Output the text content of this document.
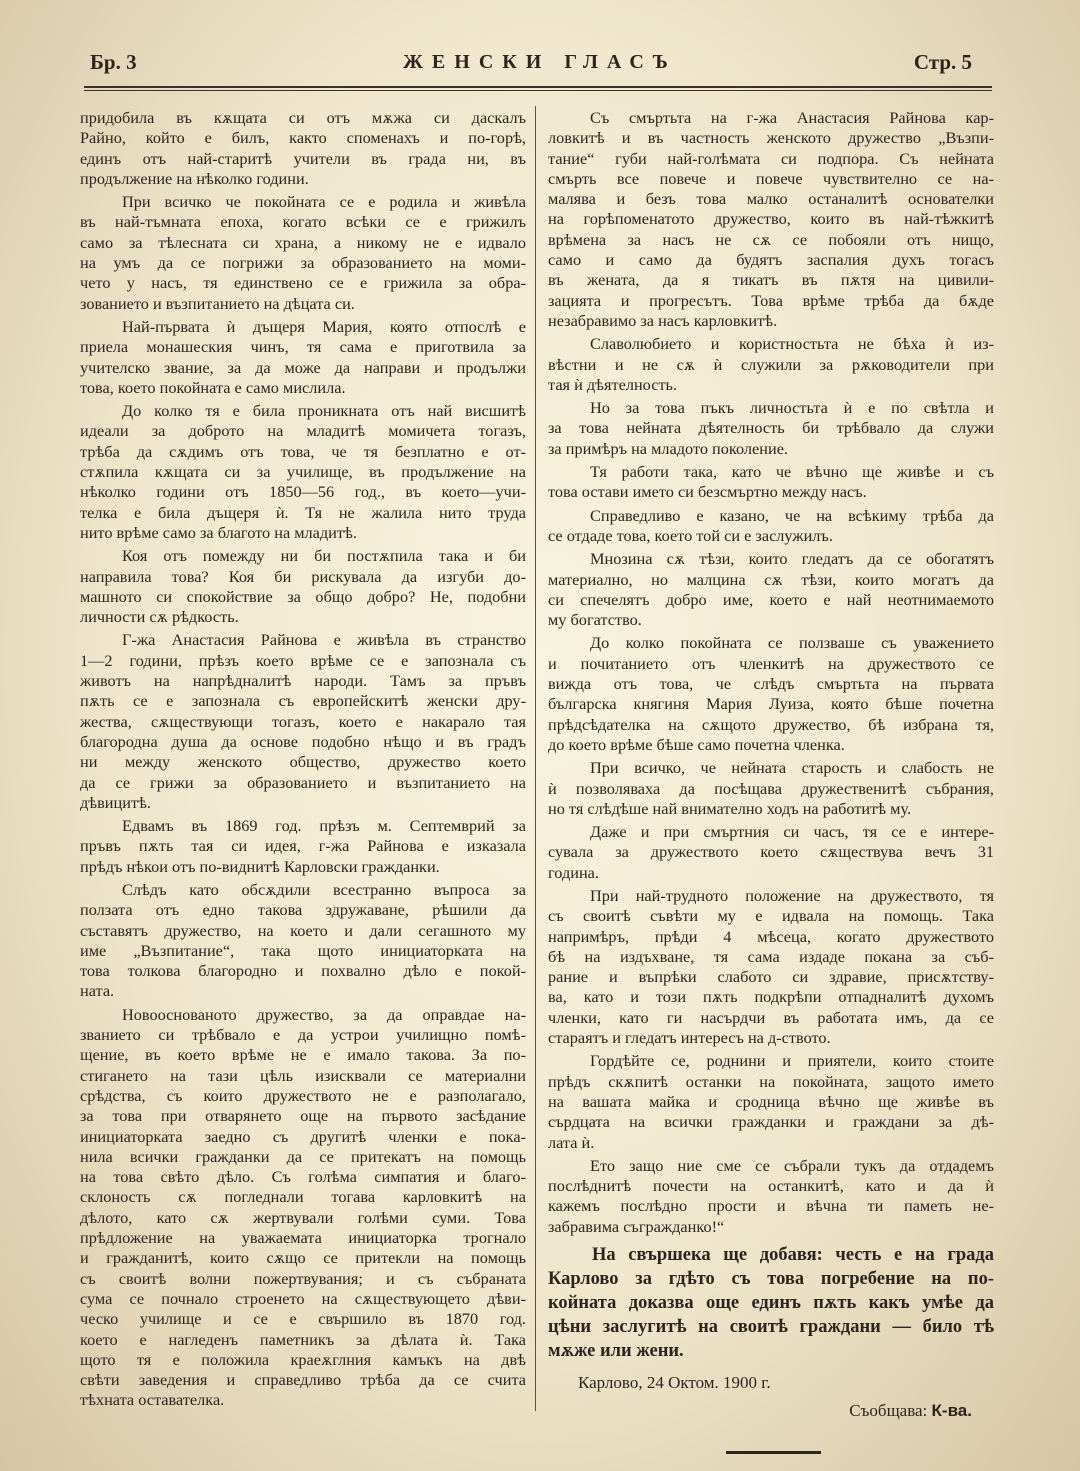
Бр. 3	ЖЕНСКИ ГЛАСЪ	Стр. 5
придобила въ кѫщата си отъ мѫжа си даскалъ
Райно, който е билъ, както споменахъ и по-горѣ,
единъ отъ най-старитѣ учители въ града ни, въ
продължение на нѣколко години.
При всичко че покойната се е родила и живѣла
въ най-тъмната епоха, когато всѣки се е грижилъ
само за тѣлесната си храна, а никому не е идвало
на умъ да се погрижи за образованието на моми-
чето у насъ, тя единствено се е грижила за обра-
зованието и възпитанието на дѣцата си.
Най-първата ѝ дъщеря Мария, която отпослѣ е
приела монашеския чинъ, тя сама е приготвила за
учителско звание, за да може да направи и продължи
това, което покойната е само мислила.
До колко тя е била проникната отъ най висшитѣ
идеали за доброто на младитѣ момичета тогазъ,
трѣба да сѫдимъ отъ това, че тя безплатно е от-
стѫпила кѫщата си за училище, въ продължение на
нѣколко години отъ 1850—56 год., въ което—учи-
телка е била дъщеря ѝ. Тя не жалила нито труда
нито врѣме само за благото на младитѣ.
Коя отъ помежду ни би постѫпила така и би
направила това? Коя би рискувала да изгуби до-
машното си спокойствие за общо добро? Не, подобни
личности сѫ рѣдкость.
Г-жа Анастасия Райнова е живѣла въ странство
1—2 години, прѣзъ което врѣме се е запознала съ
животъ на напрѣдналитѣ народи. Тамъ за пръвъ
пѫть се е запознала съ европейскитѣ женски дру-
жества, сѫществующи тогазъ, което е накарало тая
благородна душа да основе подобно нѣщо и въ градъ
ни между женското общество, дружество което
да се грижи за образованието и възпитанието на
дѣвицитѣ.
Едвамъ въ 1869 год. прѣзъ м. Септемврий за
пръвъ пѫть тая си идея, г-жа Райнова е изказала
прѣдъ нѣкои отъ по-виднитѣ Карловски гражданки.
Слѣдъ като обсѫдили всестранно въпроса за
ползата отъ едно такова здружаване, рѣшили да
съставятъ дружество, на което и дали сегашното му
име „Възпитание“, така щото инициаторката на
това толкова благородно и похвално дѣло е покой-
ната.
Новооснованото дружество, за да оправдае на-
званието си трѣбвало е да устрои училищно помѣ-
щение, въ което врѣме не е имало такова. За по-
стигането на тази цѣль изисквали се материални
срѣдства, съ които дружеството не е разполагало,
за това при отварянето още на първото засѣдание
инициаторката заедно съ другитѣ членки е пока-
нила всички гражданки да се притекатъ на помощь
на това свѣто дѣло. Съ голѣма симпатия и благо-
склоность сѫ погледнали тогава карловкитѣ на
дѣлото, като сѫ жертвували голѣми суми. Това
прѣдложение на уважаемата инициаторка трогнало
и гражданитѣ, които сѫщо се притекли на помощь
съ своитѣ волни пожертвувания; и съ събраната
сума се почнало строенето на сѫществующето дѣви-
ческо училище и се е свършило въ 1870 год.
което е нагледенъ паметникъ за дѣлата ѝ. Така
щото тя е положила краеѫглния камъкъ на двѣ
свѣти заведения и справедливо трѣба да се счита
тѣхната оставателка.
Съ смъртьта на г-жа Анастасия Райнова кар-
ловкитѣ и въ частность женското дружество „Възпи-
тание“ губи най-голѣмата си подпора. Съ нейната
смърть все повече и повече чувствително се на-
малява и безъ това малко останалитѣ основателки
на горѣпоменатото дружество, които въ най-тѣжкитѣ
врѣмена за насъ не сѫ се побояли отъ нищо,
само и само да будятъ заспалия духъ тогасъ
въ жената, да я тикатъ въ пѫтя на цивили-
зацията и прогресътъ. Това врѣме трѣба да бѫде
незабравимо за насъ карловкитѣ.
Славолюбието и користностьта не бѣха ѝ из-
вѣстни и не сѫ ѝ служили за рѫководители при
тая ѝ дѣятелность.
Но за това пъкъ личностьта ѝ е по свѣтла и
за това нейната дѣятелность би трѣбвало да служи
за примѣръ на младото поколение.
Тя работи така, като че вѣчно ще живѣе и съ
това остави името си безсмъртно между насъ.
Справедливо е казано, че на всѣкиму трѣба да
се отдаде това, което той си е заслужилъ.
Мнозина сѫ тѣзи, които гледатъ да се обогатятъ
материално, но малцина сѫ тѣзи, които могатъ да
си спечелятъ добро име, което е най неотнимаемото
му богатство.
До колко покойната се ползваше съ уважението
и почитанието отъ членкитѣ на дружеството се
вижда отъ това, че слѣдъ смъртьта на първата
българска княгиня Мария Луиза, която бѣше почетна
прѣдсѣдателка на сѫщото дружество, бѣ избрана тя,
до което врѣме бѣше само почетна членка.
При всичко, че нейната старость и слабость не
ѝ позволяваха да посѣщава дружественитѣ събрания,
но тя слѣдѣше най внимателно ходъ на работитѣ му.
Даже и при смъртния си часъ, тя се е интере-
сувала за дружеството което сѫществува вечъ 31
година.
При най-трудното положение на дружеството, тя
съ своитѣ съвѣти му е идвала на помощь. Така
напримѣръ, прѣди 4 мѣсеца, когато дружеството
бѣ на издъхване, тя сама издаде покана за съб-
рание и въпрѣки слабото си здравие, присѫтству-
ва, като и този пѫть подкрѣпи отпадналитѣ духомъ
членки, като ги насърдчи въ работата имъ, да се
стараятъ и гледатъ интересъ на д-ството.
Гордѣйте се, роднини и приятели, които стоите
прѣдъ скѫпитѣ останки на покойната, защото името
на вашата майка и сродница вѣчно ще живѣе въ
сърдцата на всички гражданки и граждани за дѣ-
лата ѝ.
Ето защо ние сме се събрали тукъ да отдадемъ
послѣднитѣ почести на останкитѣ, като и да ѝ
кажемъ послѣдно прости и вѣчна ти паметь не-
забравима съгражданко!“
На свършека ще добавя: честь е на града
Карлово за гдѣто съ това погребение на по-
койната доказва още единъ пѫть какъ умѣе да
цѣни заслугитѣ на своитѣ граждани — било тѣ
мѫже или жени.
Карлово, 24 Октом. 1900 г.
Съобщава: К-ва.
